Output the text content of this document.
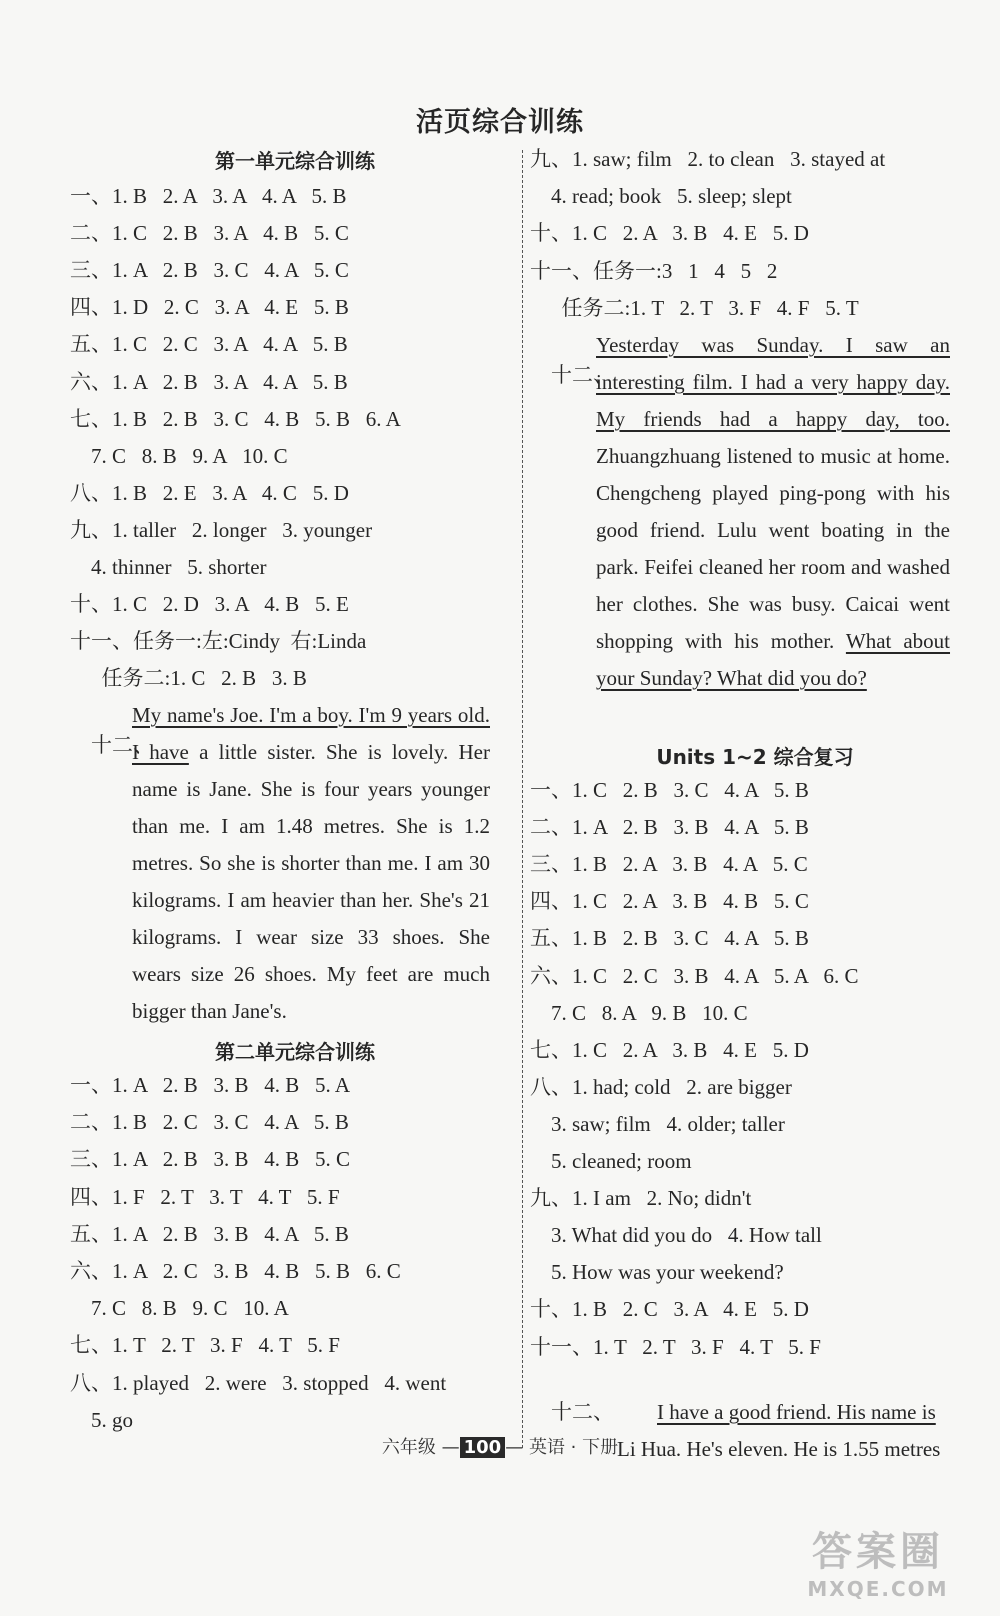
活页综合训练
第一单元综合训练
一、1. B   2. A   3. A   4. A   5. B
二、1. C   2. B   3. A   4. B   5. C
三、1. A   2. B   3. C   4. A   5. C
四、1. D   2. C   3. A   4. E   5. B
五、1. C   2. C   3. A   4. A   5. B
六、1. A   2. B   3. A   4. A   5. B
七、1. B   2. B   3. C   4. B   5. B   6. A
7. C   8. B   9. A   10. C
八、1. B   2. E   3. A   4. C   5. D
九、1. taller   2. longer   3. younger
4. thinner   5. shorter
十、1. C   2. D   3. A   4. B   5. E
十一、任务一:左:Cindy  右:Linda
任务二:1. C   2. B   3. B

十二、

My name's Joe. I'm a boy. I'm 9 years old. I have a little sister. She is lovely. Her name is Jane. She is four years younger than me. I am 1.48 metres. She is 1.2 metres. So she is shorter than me. I am 30 kilograms. I am heavier than her. She's 21 kilograms. I wear size 33 shoes. She wears size 26 shoes. My feet are much bigger than Jane's.
第二单元综合训练
一、1. A   2. B   3. B   4. B   5. A
二、1. B   2. C   3. C   4. A   5. B
三、1. A   2. B   3. B   4. B   5. C
四、1. F   2. T   3. T   4. T   5. F
五、1. A   2. B   3. B   4. A   5. B
六、1. A   2. C   3. B   4. B   5. B   6. C
7. C   8. B   9. C   10. A
七、1. T   2. T   3. F   4. T   5. F
八、1. played   2. were   3. stopped   4. went
5. go
九、1. saw; film   2. to clean   3. stayed at
4. read; book   5. sleep; slept
十、1. C   2. A   3. B   4. E   5. D
十一、任务一:3   1   4   5   2
任务二:1. T   2. T   3. F   4. F   5. T

十二、

Yesterday was Sunday. I saw an interesting film. I had a very happy day. My friends had a happy day, too. Zhuangzhuang listened to music at home. Chengcheng played ping-pong with his good friend. Lulu went boating in the park. Feifei cleaned her room and washed her clothes. She was busy. Caicai went shopping with his mother. What about your Sunday? What did you do?
Units 1~2 综合复习
一、1. C   2. B   3. C   4. A   5. B
二、1. A   2. B   3. B   4. A   5. B
三、1. B   2. A   3. B   4. A   5. C
四、1. C   2. A   3. B   4. B   5. C
五、1. B   2. B   3. C   4. A   5. B
六、1. C   2. C   3. B   4. A   5. A   6. C
7. C   8. A   9. B   10. C
七、1. C   2. A   3. B   4. E   5. D
八、1. had; cold   2. are bigger
3. saw; film   4. older; taller
5. cleaned; room
九、1. I am   2. No; didn't
3. What did you do   4. How tall
5. How was your weekend?
十、1. B   2. C   3. A   4. E   5. D
十一、1. T   2. T   3. F   4. T   5. F

十二、
	I have a good friend. His name is

Li Hua. He's eleven. He is 1.55 metres

六年级 — 100 — 英语 · 下册
答案圈
MXQE.COM
